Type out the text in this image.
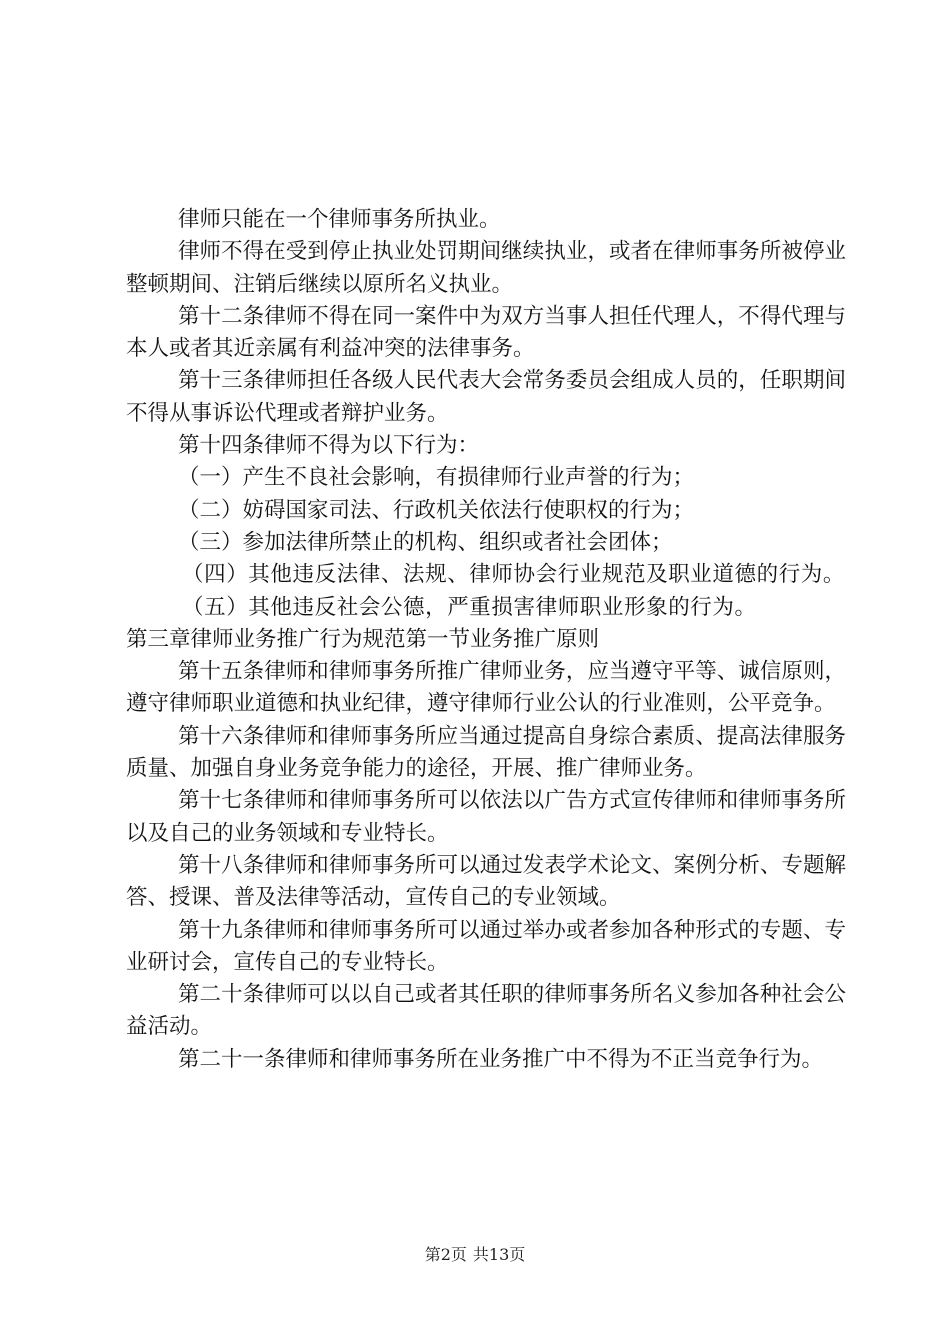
律师只能在一个律师事务所执业。

律师不得在受到停止执业处罚期间继续执业，或者在律师事务所被停业整顿期间、注销后继续以原所名义执业。

第十二条律师不得在同一案件中为双方当事人担任代理人，不得代理与本人或者其近亲属有利益冲突的法律事务。

第十三条律师担任各级人民代表大会常务委员会组成人员的，任职期间不得从事诉讼代理或者辩护业务。

第十四条律师不得为以下行为：

（一）产生不良社会影响，有损律师行业声誉的行为；

（二）妨碍国家司法、行政机关依法行使职权的行为；

（三）参加法律所禁止的机构、组织或者社会团体；

（四）其他违反法律、法规、律师协会行业规范及职业道德的行为。

（五）其他违反社会公德，严重损害律师职业形象的行为。

第三章律师业务推广行为规范第一节业务推广原则

第十五条律师和律师事务所推广律师业务，应当遵守平等、诚信原则，遵守律师职业道德和执业纪律，遵守律师行业公认的行业准则，公平竞争。

第十六条律师和律师事务所应当通过提高自身综合素质、提高法律服务质量、加强自身业务竞争能力的途径，开展、推广律师业务。

第十七条律师和律师事务所可以依法以广告方式宣传律师和律师事务所以及自己的业务领域和专业特长。

第十八条律师和律师事务所可以通过发表学术论文、案例分析、专题解答、授课、普及法律等活动，宣传自己的专业领域。

第十九条律师和律师事务所可以通过举办或者参加各种形式的专题、专业研讨会，宣传自己的专业特长。

第二十条律师可以以自己或者其任职的律师事务所名义参加各种社会公益活动。

第二十一条律师和律师事务所在业务推广中不得为不正当竞争行为。

第2页 共13页
